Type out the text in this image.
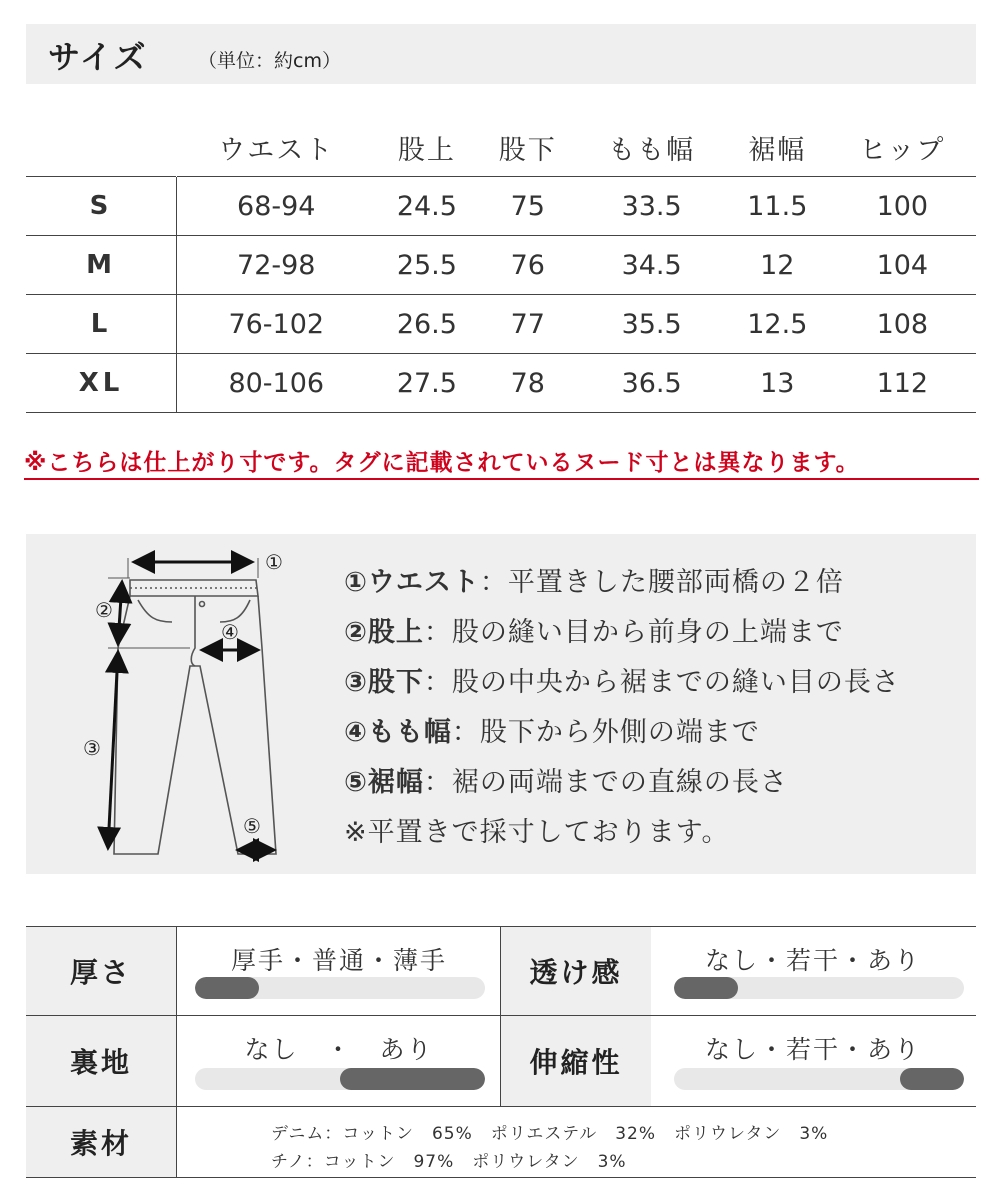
サイズ	（単位：約cm）
	ウエスト	股上	股下	もも幅	裾幅	ヒップ
S	68-94	24.5	75	33.5	11.5	100
M	72-98	25.5	76	34.5	12	104
L	76-102	26.5	77	35.5	12.5	108
XL	80-106	27.5	78	36.5	13	112
※こちらは仕上がり寸です。タグに記載されているヌード寸とは異なります。
①
②
③
④
⑤
①ウエスト：平置きした腰部両橋の２倍
②股上：股の縫い目から前身の上端まで
③股下：股の中央から裾までの縫い目の長さ
④もも幅：股下から外側の端まで
⑤裾幅：裾の両端までの直線の長さ
※平置きで採寸しております。
厚さ	厚手・普通・薄手	透け感	なし・若干・あり
裏地	なし　・　あり	伸縮性	なし・若干・あり
素材	デニム：コットン　65%　ポリエステル　32%　ポリウレタン　3%
チノ：コットン　97%　ポリウレタン　3%
